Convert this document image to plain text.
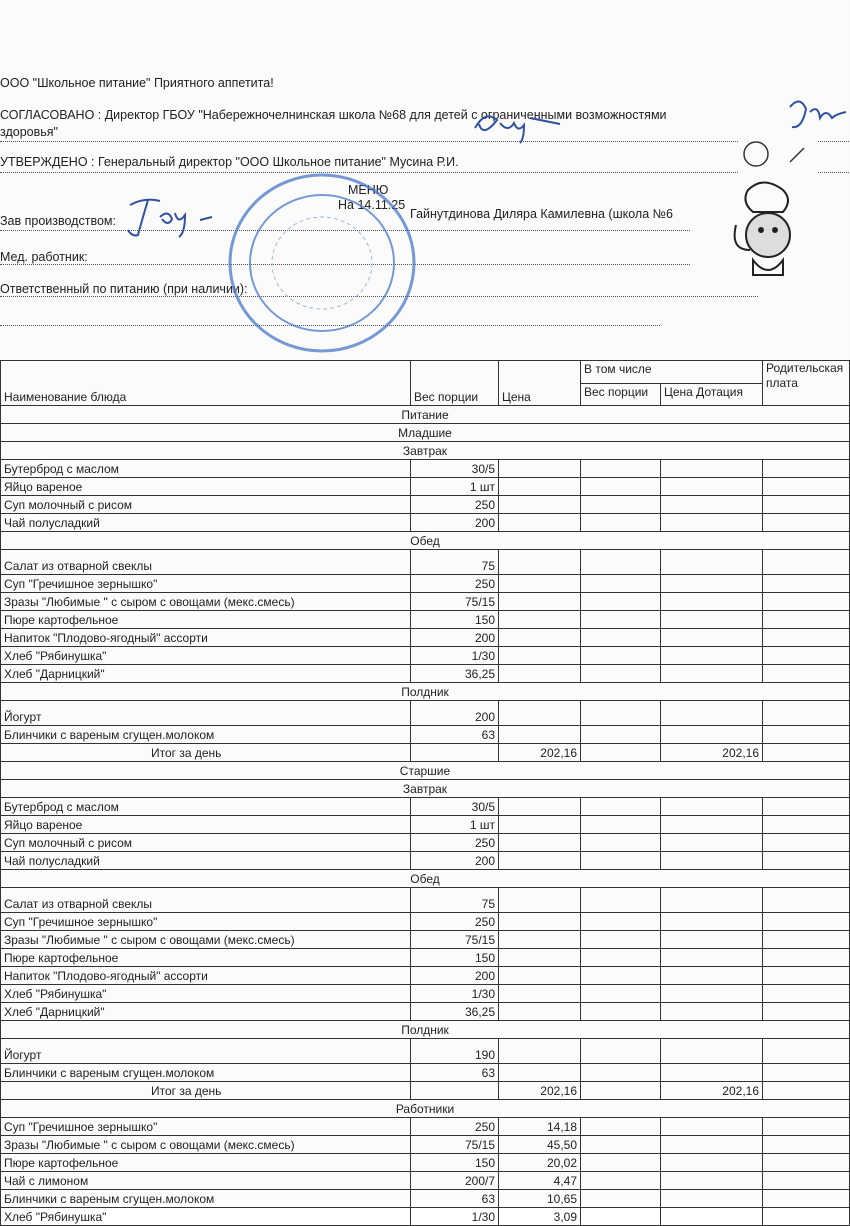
ООО "Школьное питание" Приятного аппетита!
СОГЛАСОВАНО : Директор ГБОУ "Набережночелнинская школа №68 для детей с ограниченными возможностями
здоровья"
УТВЕРЖДЕНО : Генеральный директор "ООО Школьное питание" Мусина Р.И.
МЕНЮ
На 14.11.25
Зав производством:	Гайнутдинова Диляра Камилевна (школа №6
Мед. работник:
Ответственный по питанию (при наличии):
Наименование блюда	Вес порции	Цена	В том числе		Родительская плата
			Вес порции	Цена Дотация	
Питание					
Младшие					
Завтрак					
Бутерброд с маслом	30/5				
Яйцо вареное	1 шт				
Суп молочный с рисом	250				
Чай полусладкий	200				
Обед					
Салат из отварной свеклы	75				
Суп "Гречишное зернышко"	250				
Зразы "Любимые " с сыром с овощами (мекс.смесь)	75/15				
Пюре картофельное	150				
Напиток "Плодово-ягодный" ассорти	200				
Хлеб "Рябинушка"	1/30				
Хлеб "Дарницкий"	36,25				
Полдник					
Йогурт	200				
Блинчики с вареным сгущен.молоком	63				
Итог за день		202,16		202,16	
Старшие					
Завтрак					
Бутерброд с маслом	30/5				
Яйцо вареное	1 шт				
Суп молочный с рисом	250				
Чай полусладкий	200				
Обед					
Салат из отварной свеклы	75				
Суп "Гречишное зернышко"	250				
Зразы "Любимые " с сыром с овощами (мекс.смесь)	75/15				
Пюре картофельное	150				
Напиток "Плодово-ягодный" ассорти	200				
Хлеб "Рябинушка"	1/30				
Хлеб "Дарницкий"	36,25				
Полдник					
Йогурт	190				
Блинчики с вареным сгущен.молоком	63				
Итог за день		202,16		202,16	
Работники					
Суп "Гречишное зернышко"	250	14,18			
Зразы "Любимые " с сыром с овощами (мекс.смесь)	75/15	45,50			
Пюре картофельное	150	20,02			
Чай с лимоном	200/7	4,47			
Блинчики с вареным сгущен.молоком	63	10,65			
Хлеб "Рябинушка"	1/30	3,09			
